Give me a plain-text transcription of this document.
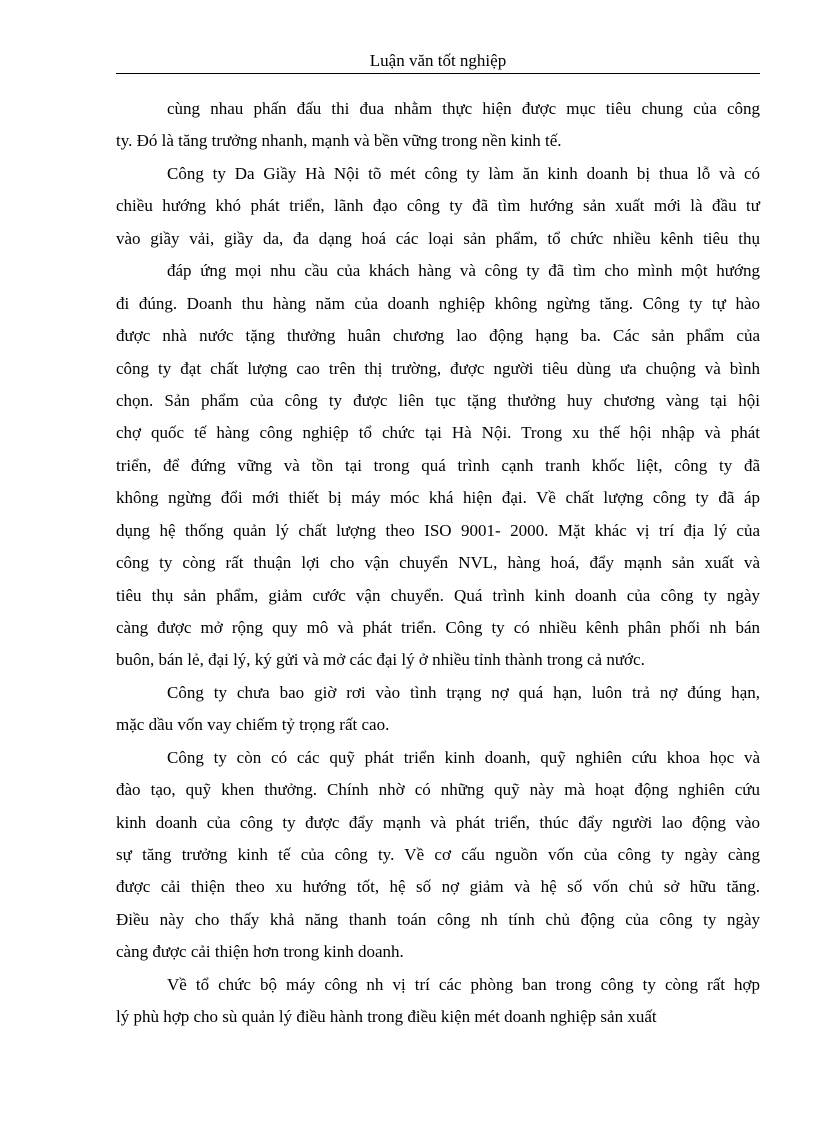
Luận văn tốt nghiệp
cùng nhau phấn đấu thi đua nhằm thực hiện được mục tiêu chung của công
ty. Đó là tăng trưởng nhanh, mạnh và bền vững trong nền kinh tế.
Công ty Da Giầy Hà Nội tõ mét công ty làm ăn kinh doanh bị thua lỗ và có
chiều hướng khó phát triển, lãnh đạo công ty đã tìm hướng sản xuất mới là đầu tư
vào giầy vải, giầy da, đa dạng hoá các loại sản phẩm, tổ chức nhiều kênh tiêu thụ
đáp ứng mọi nhu cầu của khách hàng và công ty đã tìm cho mình một hướng
đi đúng. Doanh thu hàng năm của doanh nghiệp không ngừng tăng. Công ty tự hào
được nhà nước tặng thưởng huân chương lao động hạng ba. Các sản phẩm của
công ty đạt chất lượng cao trên thị trường, được người tiêu dùng ưa chuộng và bình
chọn. Sản phẩm của công ty được liên tục tặng thưởng huy chương vàng tại hội
chợ quốc tế hàng công nghiệp tổ chức tại Hà Nội. Trong xu thế hội nhập và phát
triển, để đứng vững và tồn tại trong quá trình cạnh tranh khốc liệt, công ty đã
không ngừng đổi mới thiết bị máy móc khá hiện đại. Về chất lượng công ty đã áp
dụng hệ thống quản lý chất lượng theo ISO 9001- 2000. Mặt khác vị trí địa lý của
công ty còng rất thuận lợi cho vận chuyển NVL, hàng hoá, đẩy mạnh sản xuất và
tiêu thụ sản phẩm, giảm cước vận chuyển. Quá trình kinh doanh của công ty ngày
càng được mở rộng quy mô và phát triển. Công ty có nhiều kênh phân phối nh bán
buôn, bán lẻ, đại lý, ký gửi và mở các đại lý ở nhiều tỉnh thành trong cả nước.
Công ty chưa bao giờ rơi vào tình trạng nợ quá hạn, luôn trả nợ đúng hạn,
mặc dầu vốn vay chiếm tỷ trọng rất cao.
Công ty còn có các quỹ phát triển kinh doanh, quỹ nghiên cứu khoa học và
đào tạo, quỹ khen thưởng. Chính nhờ có những quỹ này mà hoạt động nghiên cứu
kinh doanh của công ty được đẩy mạnh và phát triển, thúc đẩy người lao động vào
sự tăng trưởng kinh tế của công ty. Về cơ cấu nguồn vốn của công ty ngày càng
được cải thiện theo xu hướng tốt, hệ số nợ giảm và hệ số vốn chủ sở hữu tăng.
Điều này cho thấy khả năng thanh toán công nh tính chủ động của công ty ngày
càng được cải thiện hơn trong kinh doanh.
Về tổ chức bộ máy công nh vị trí các phòng ban trong công ty còng rất hợp
lý phù hợp cho sù quản lý điều hành trong điều kiện mét doanh nghiệp sản xuất
